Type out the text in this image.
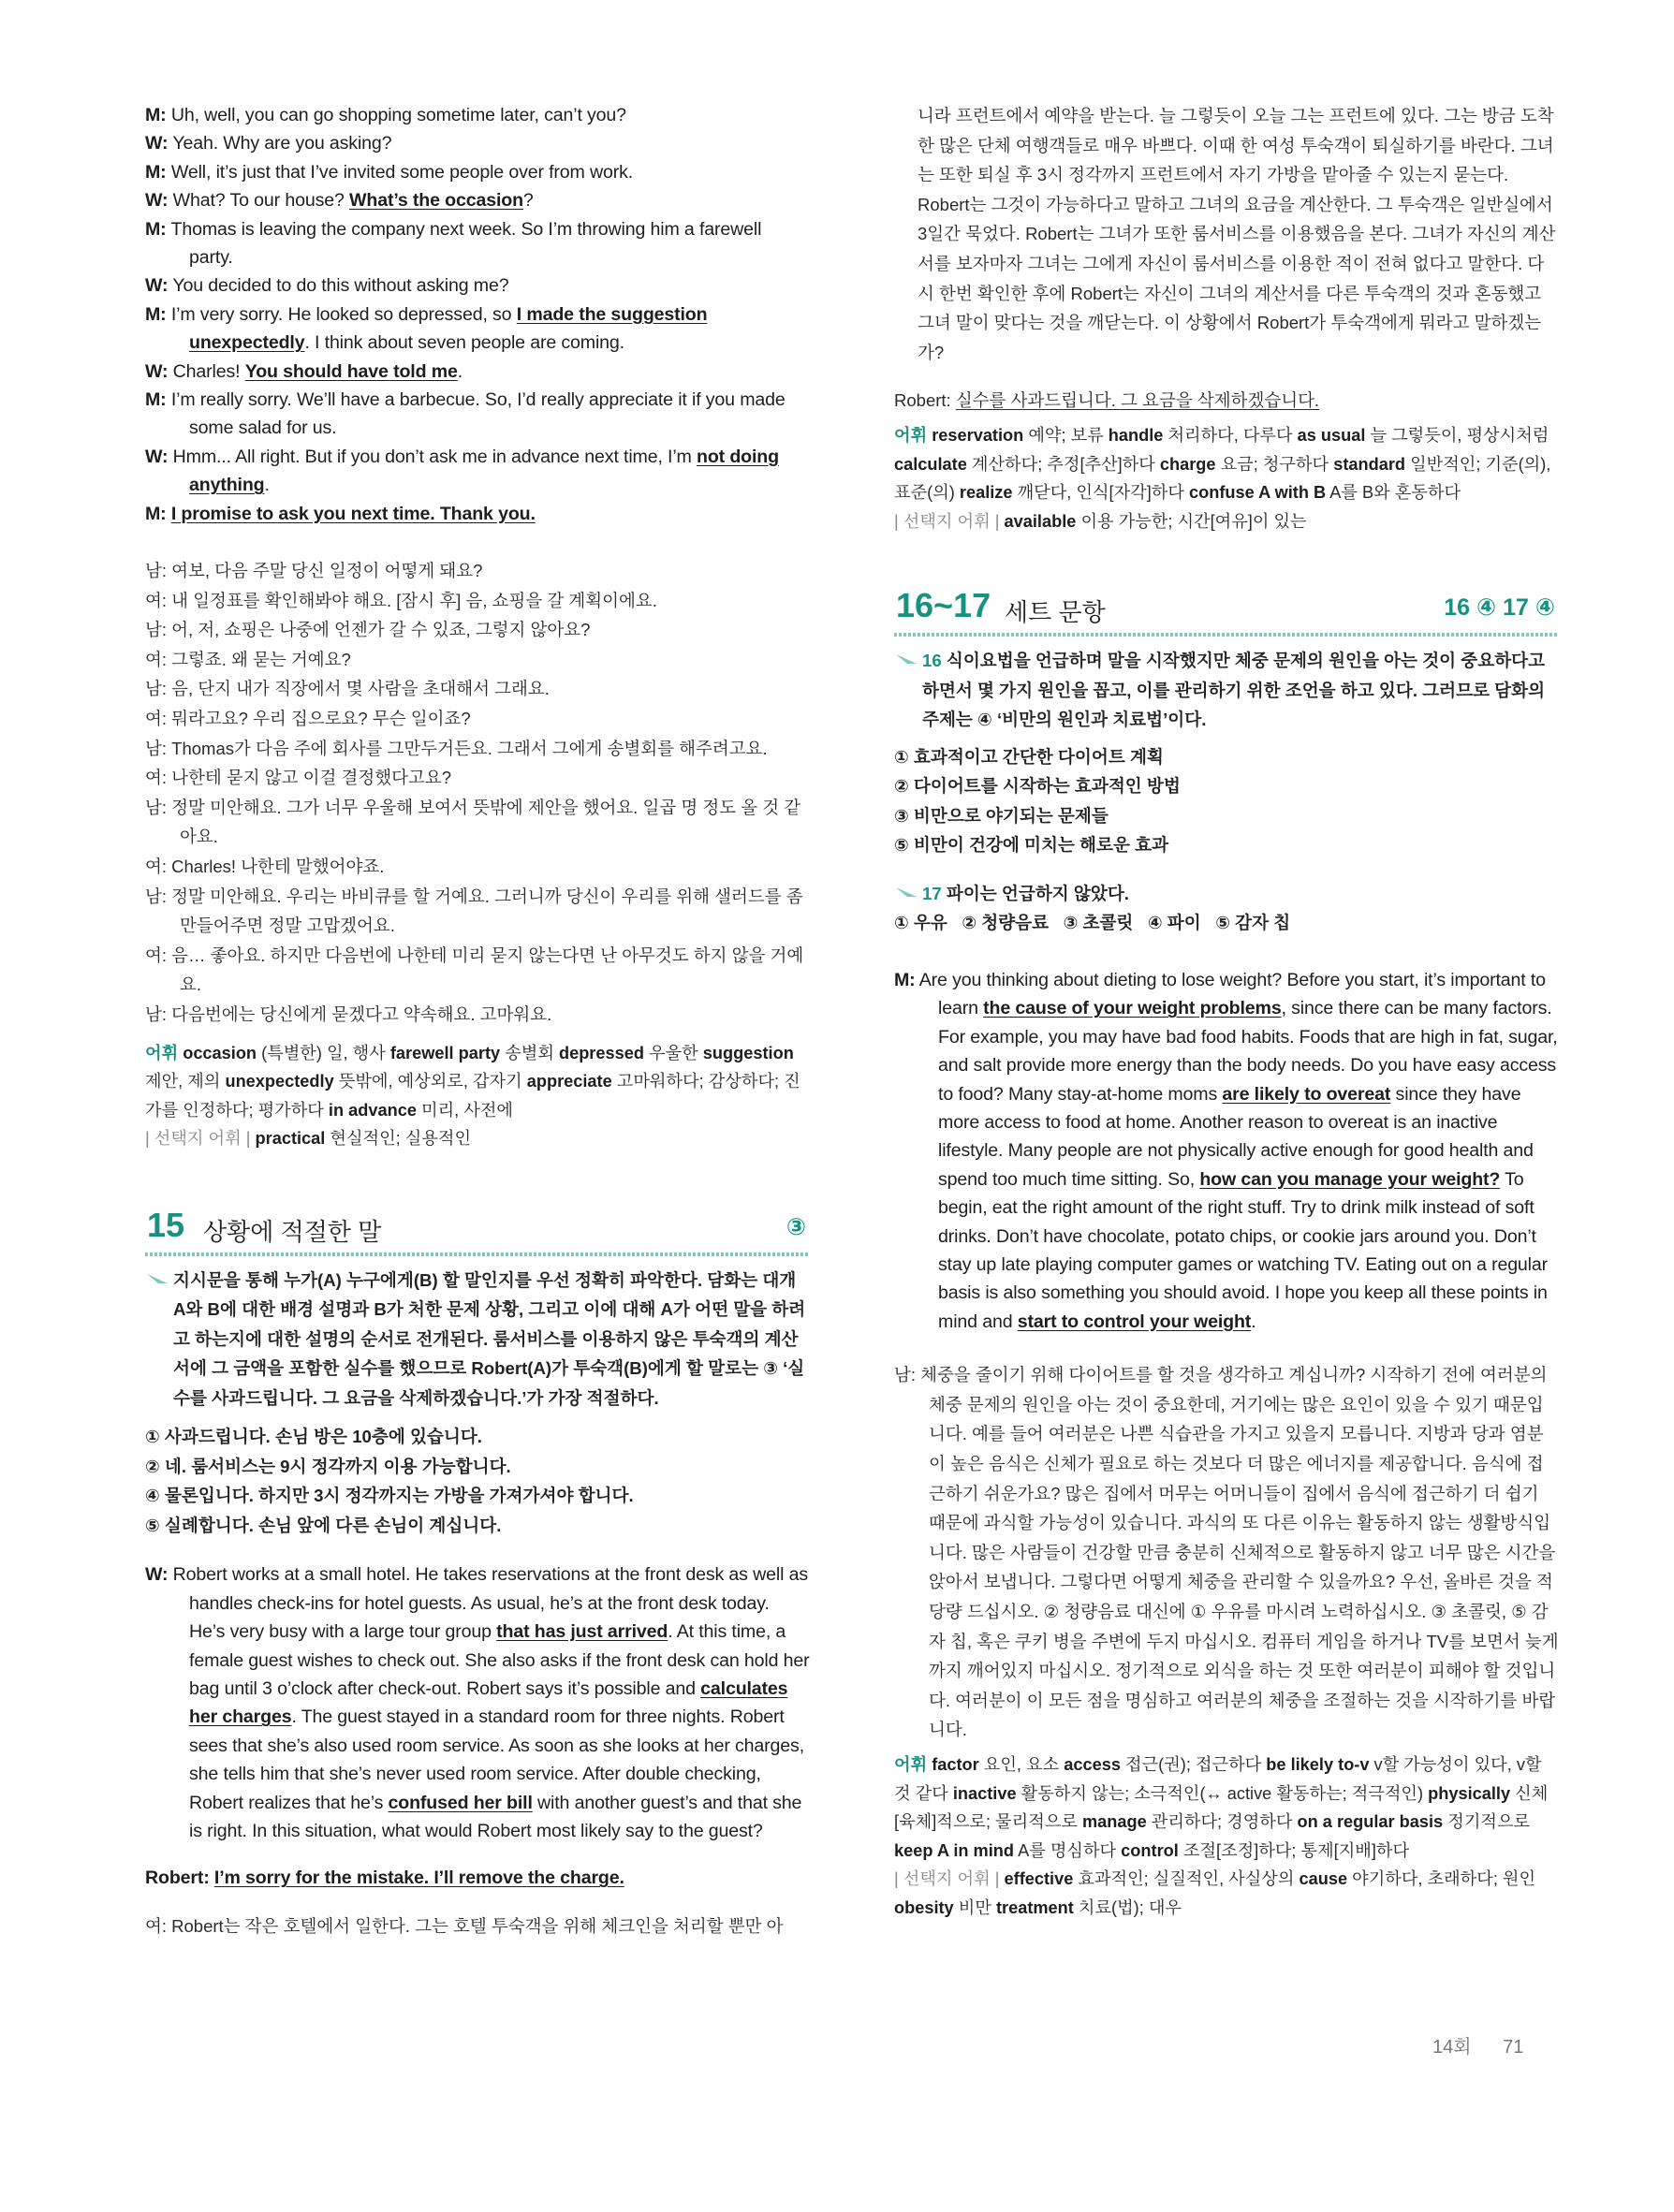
M: Uh, well, you can go shopping sometime later, can’t you?

W: Yeah. Why are you asking?

M: Well, it’s just that I’ve invited some people over from work.

W: What? To our house? What’s the occasion?

M: Thomas is leaving the company next week. So I’m throwing him a farewell party.

W: You decided to do this without asking me?

M: I’m very sorry. He looked so depressed, so I made the suggestion unexpectedly. I think about seven people are coming.

W: Charles! You should have told me.

M: I’m really sorry. We’ll have a barbecue. So, I’d really appreciate it if you made some salad for us.

W: Hmm... All right. But if you don’t ask me in advance next time, I’m not doing anything.

M: I promise to ask you next time. Thank you.

남: 여보, 다음 주말 당신 일정이 어떻게 돼요?

여: 내 일정표를 확인해봐야 해요. [잠시 후] 음, 쇼핑을 갈 계획이에요.

남: 어, 저, 쇼핑은 나중에 언젠가 갈 수 있죠, 그렇지 않아요?

여: 그렇죠. 왜 묻는 거예요?

남: 음, 단지 내가 직장에서 몇 사람을 초대해서 그래요.

여: 뭐라고요? 우리 집으로요? 무슨 일이죠?

남: Thomas가 다음 주에 회사를 그만두거든요. 그래서 그에게 송별회를 해주려고요.

여: 나한테 묻지 않고 이걸 결정했다고요?

남: 정말 미안해요. 그가 너무 우울해 보여서 뜻밖에 제안을 했어요. 일곱 명 정도 올 것 같아요.

여: Charles! 나한테 말했어야죠.

남: 정말 미안해요. 우리는 바비큐를 할 거예요. 그러니까 당신이 우리를 위해 샐러드를 좀 만들어주면 정말 고맙겠어요.

여: 음… 좋아요. 하지만 다음번에 나한테 미리 묻지 않는다면 난 아무것도 하지 않을 거예요.

남: 다음번에는 당신에게 묻겠다고 약속해요. 고마워요.

어휘 occasion (특별한) 일, 행사 farewell party 송별회 depressed 우울한 suggestion 제안, 제의 unexpectedly 뜻밖에, 예상외로, 갑자기 appreciate 고마워하다; 감상하다; 진가를 인정하다; 평가하다 in advance 미리, 사전에

| 선택지 어휘 | practical 현실적인; 실용적인

15 상황에 적절한 말	③
지시문을 통해 누가(A) 누구에게(B) 할 말인지를 우선 정확히 파악한다. 담화는 대개 A와 B에 대한 배경 설명과 B가 처한 문제 상황, 그리고 이에 대해 A가 어떤 말을 하려고 하는지에 대한 설명의 순서로 전개된다. 룸서비스를 이용하지 않은 투숙객의 계산서에 그 금액을 포함한 실수를 했으므로 Robert(A)가 투숙객(B)에게 할 말로는 ③ ‘실수를 사과드립니다. 그 요금을 삭제하겠습니다.’가 가장 적절하다.

① 사과드립니다. 손님 방은 10층에 있습니다.

② 네. 룸서비스는 9시 정각까지 이용 가능합니다.

④ 물론입니다. 하지만 3시 정각까지는 가방을 가져가셔야 합니다.

⑤ 실례합니다. 손님 앞에 다른 손님이 계십니다.

W: Robert works at a small hotel. He takes reservations at the front desk as well as handles check-ins for hotel guests. As usual, he’s at the front desk today. He’s very busy with a large tour group that has just arrived. At this time, a female guest wishes to check out. She also asks if the front desk can hold her bag until 3 o’clock after check-out. Robert says it’s possible and calculates her charges. The guest stayed in a standard room for three nights. Robert sees that she’s also used room service. As soon as she looks at her charges, she tells him that she’s never used room service. After double checking, Robert realizes that he’s confused her bill with another guest’s and that she is right. In this situation, what would Robert most likely say to the guest?

Robert: I’m sorry for the mistake. I’ll remove the charge.
여: Robert는 작은 호텔에서 일한다. 그는 호텔 투숙객을 위해 체크인을 처리할 뿐만 아
니라 프런트에서 예약을 받는다. 늘 그렇듯이 오늘 그는 프런트에 있다. 그는 방금 도착한 많은 단체 여행객들로 매우 바쁘다. 이때 한 여성 투숙객이 퇴실하기를 바란다. 그녀는 또한 퇴실 후 3시 정각까지 프런트에서 자기 가방을 맡아줄 수 있는지 묻는다. Robert는 그것이 가능하다고 말하고 그녀의 요금을 계산한다. 그 투숙객은 일반실에서 3일간 묵었다. Robert는 그녀가 또한 룸서비스를 이용했음을 본다. 그녀가 자신의 계산서를 보자마자 그녀는 그에게 자신이 룸서비스를 이용한 적이 전혀 없다고 말한다. 다시 한번 확인한 후에 Robert는 자신이 그녀의 계산서를 다른 투숙객의 것과 혼동했고 그녀 말이 맞다는 것을 깨닫는다. 이 상황에서 Robert가 투숙객에게 뭐라고 말하겠는가?
Robert: 실수를 사과드립니다. 그 요금을 삭제하겠습니다.

어휘 reservation 예약; 보류 handle 처리하다, 다루다 as usual 늘 그렇듯이, 평상시처럼 calculate 계산하다; 추정[추산]하다 charge 요금; 청구하다 standard 일반적인; 기준(의), 표준(의) realize 깨닫다, 인식[자각]하다 confuse A with B A를 B와 혼동하다

| 선택지 어휘 | available 이용 가능한; 시간[여유]이 있는

16~17 세트 문항	16 ④ 17 ④
16 식이요법을 언급하며 말을 시작했지만 체중 문제의 원인을 아는 것이 중요하다고 하면서 몇 가지 원인을 꼽고, 이를 관리하기 위한 조언을 하고 있다. 그러므로 담화의 주제는 ④ ‘비만의 원인과 치료법’이다.

① 효과적이고 간단한 다이어트 계획

② 다이어트를 시작하는 효과적인 방법

③ 비만으로 야기되는 문제들

⑤ 비만이 건강에 미치는 해로운 효과

17 파이는 언급하지 않았다.
① 우유   ② 청량음료   ③ 초콜릿   ④ 파이   ⑤ 감자 칩

M: Are you thinking about dieting to lose weight? Before you start, it’s important to learn the cause of your weight problems, since there can be many factors. For example, you may have bad food habits. Foods that are high in fat, sugar, and salt provide more energy than the body needs. Do you have easy access to food? Many stay-at-home moms are likely to overeat since they have more access to food at home. Another reason to overeat is an inactive lifestyle. Many people are not physically active enough for good health and spend too much time sitting. So, how can you manage your weight? To begin, eat the right amount of the right stuff. Try to drink milk instead of soft drinks. Don’t have chocolate, potato chips, or cookie jars around you. Don’t stay up late playing computer games or watching TV. Eating out on a regular basis is also something you should avoid. I hope you keep all these points in mind and start to control your weight.

남: 체중을 줄이기 위해 다이어트를 할 것을 생각하고 계십니까? 시작하기 전에 여러분의 체중 문제의 원인을 아는 것이 중요한데, 거기에는 많은 요인이 있을 수 있기 때문입니다. 예를 들어 여러분은 나쁜 식습관을 가지고 있을지 모릅니다. 지방과 당과 염분이 높은 음식은 신체가 필요로 하는 것보다 더 많은 에너지를 제공합니다. 음식에 접근하기 쉬운가요? 많은 집에서 머무는 어머니들이 집에서 음식에 접근하기 더 쉽기 때문에 과식할 가능성이 있습니다. 과식의 또 다른 이유는 활동하지 않는 생활방식입니다. 많은 사람들이 건강할 만큼 충분히 신체적으로 활동하지 않고 너무 많은 시간을 앉아서 보냅니다. 그렇다면 어떻게 체중을 관리할 수 있을까요? 우선, 올바른 것을 적당량 드십시오. ② 청량음료 대신에 ① 우유를 마시려 노력하십시오. ③ 초콜릿, ⑤ 감자 칩, 혹은 쿠키 병을 주변에 두지 마십시오. 컴퓨터 게임을 하거나 TV를 보면서 늦게까지 깨어있지 마십시오. 정기적으로 외식을 하는 것 또한 여러분이 피해야 할 것입니다. 여러분이 이 모든 점을 명심하고 여러분의 체중을 조절하는 것을 시작하기를 바랍니다.

어휘 factor 요인, 요소 access 접근(권); 접근하다 be likely to-v v할 가능성이 있다, v할 것 같다 inactive 활동하지 않는; 소극적인(↔ active 활동하는; 적극적인) physically 신체[육체]적으로; 물리적으로 manage 관리하다; 경영하다 on a regular basis 정기적으로 keep A in mind A를 명심하다 control 조절[조정]하다; 통제[지배]하다

| 선택지 어휘 | effective 효과적인; 실질적인, 사실상의 cause 야기하다, 초래하다; 원인 obesity 비만 treatment 치료(법); 대우

14회 71
